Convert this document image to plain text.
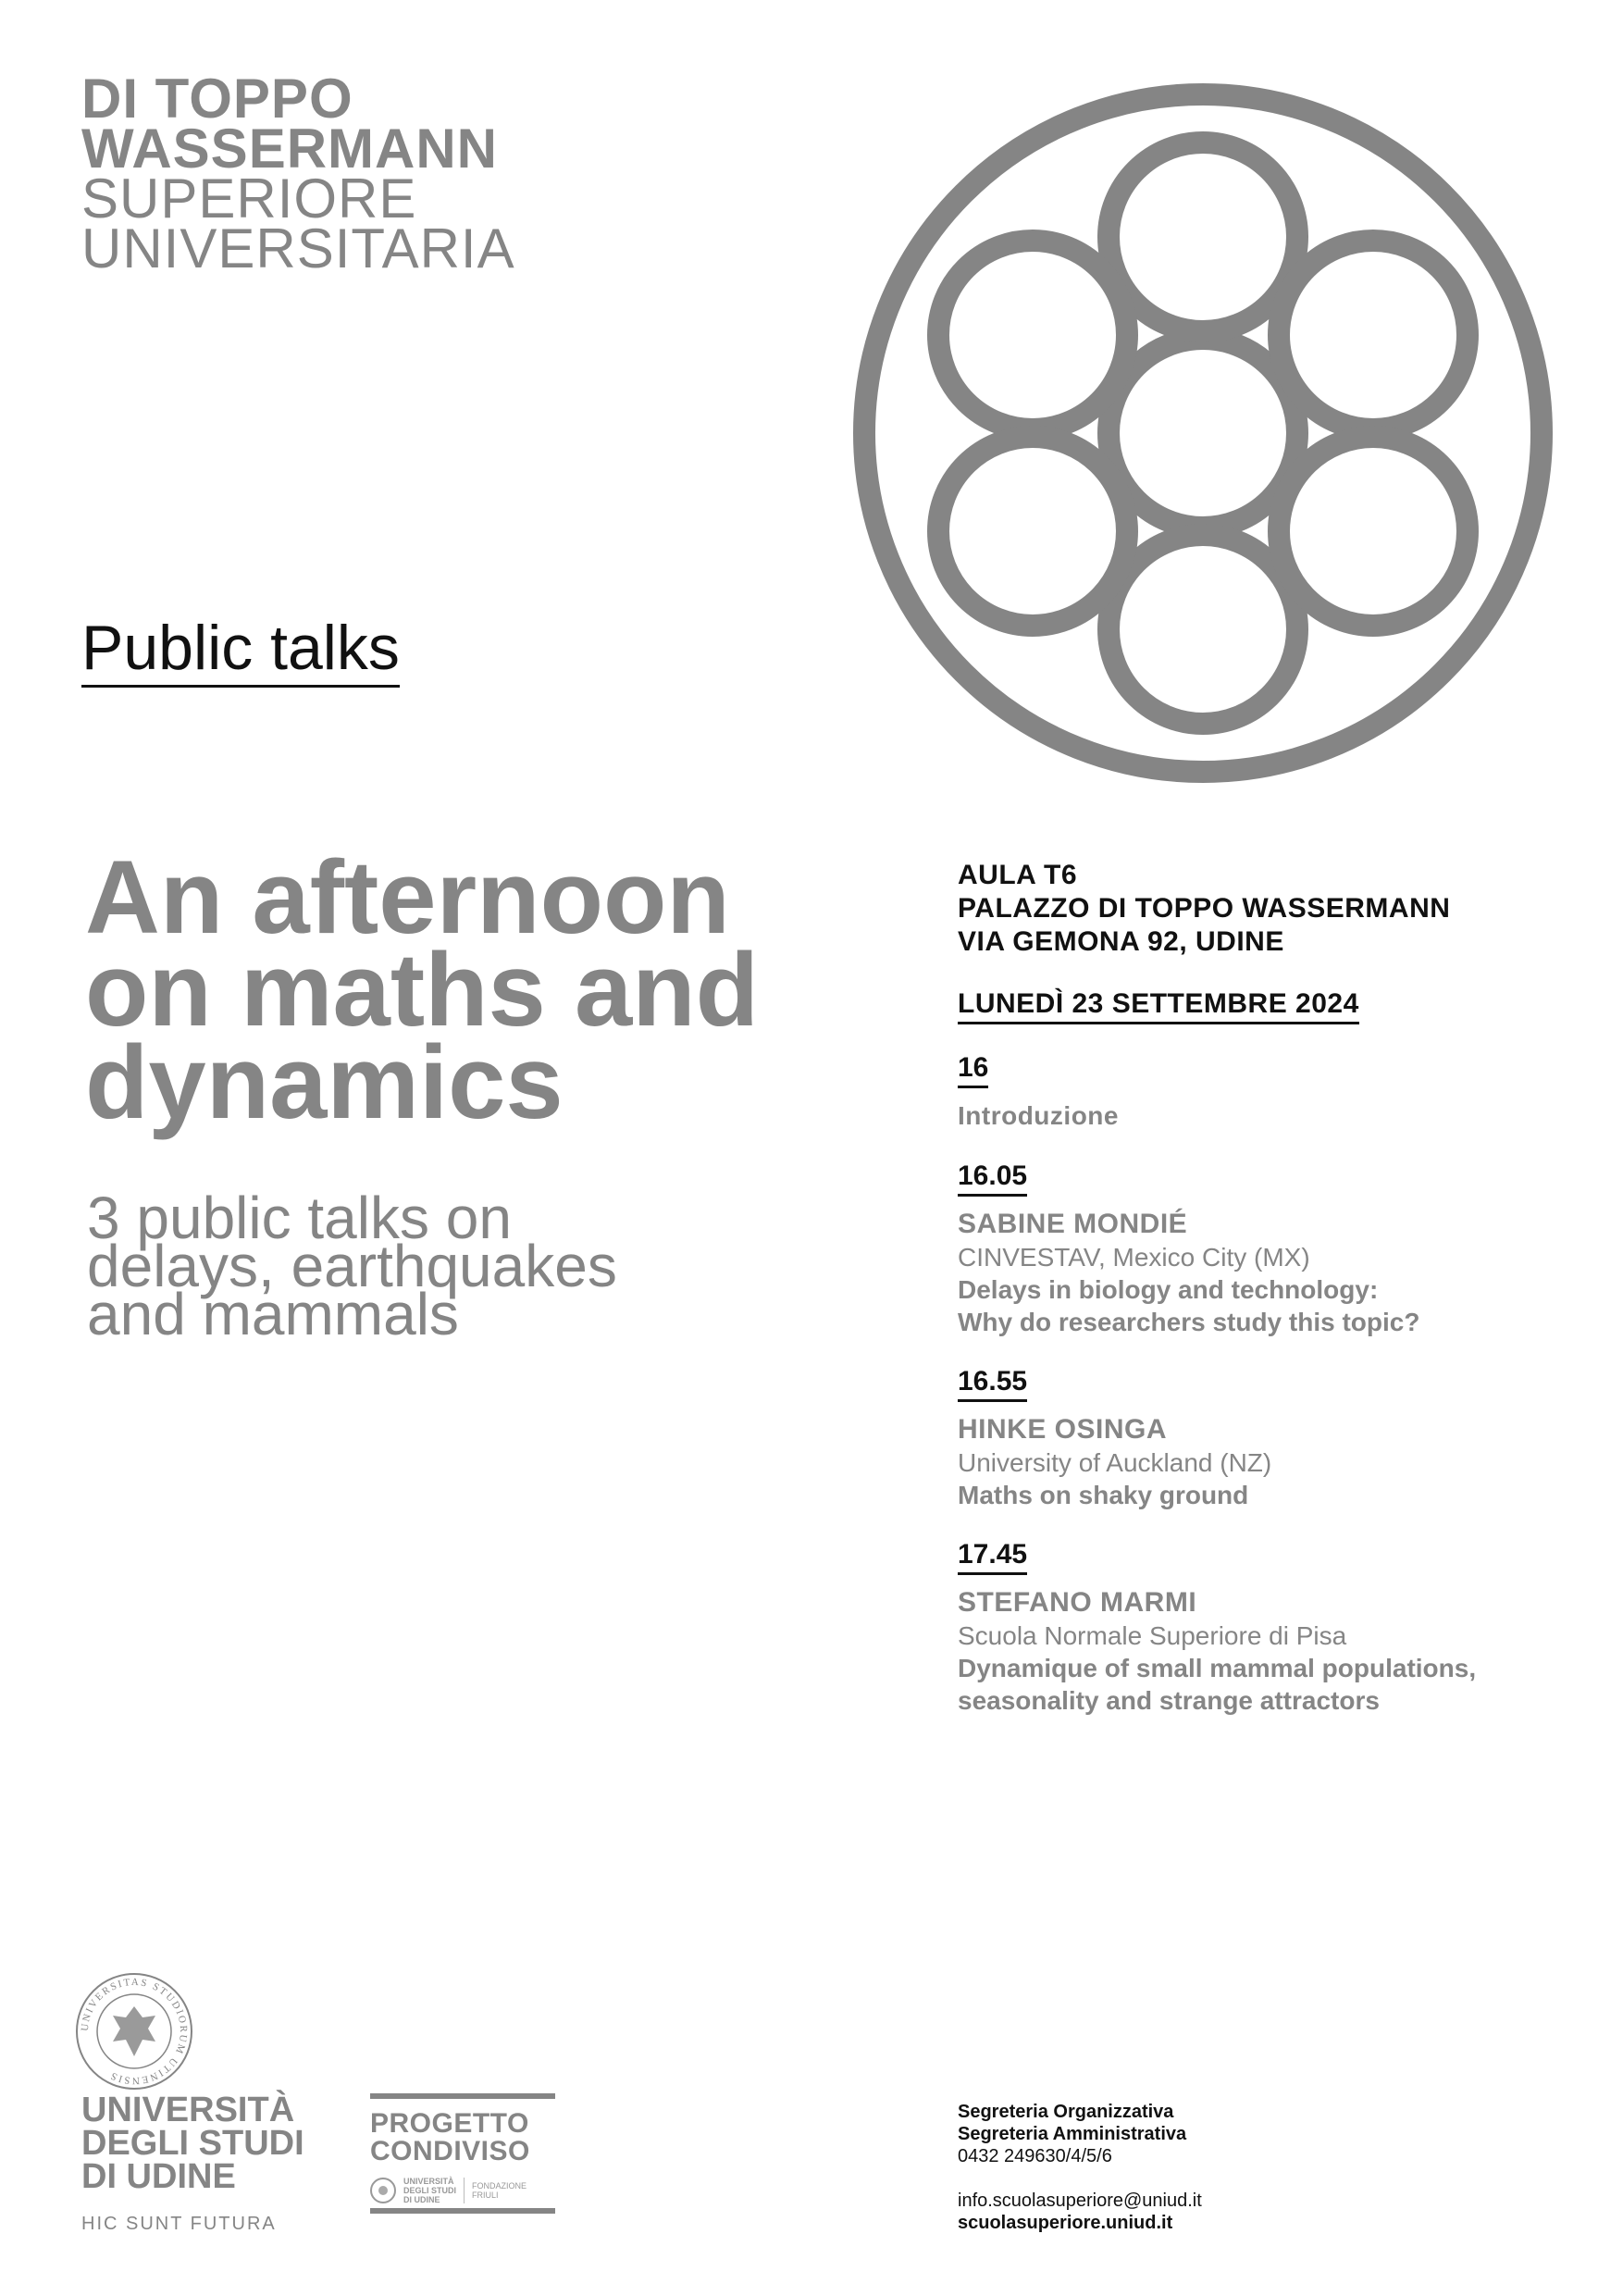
DI TOPPO
WASSERMANN
SUPERIORE
UNIVERSITARIA
Public talks
An afternoon
on maths and
dynamics
3 public talks on
delays, earthquakes
and mammals
AULA T6
PALAZZO DI TOPPO WASSERMANN
VIA GEMONA 92, UDINE
LUNEDÌ 23 SETTEMBRE 2024
16
Introduzione
16.05
SABINE MONDIÉ
CINVESTAV, Mexico City (MX)
Delays in biology and technology:
Why do researchers study this topic?
16.55
HINKE OSINGA
University of Auckland (NZ)
Maths on shaky ground
17.45
STEFANO MARMI
Scuola Normale Superiore di Pisa
Dynamique of small mammal populations,
seasonality and strange attractors
UNIVERSITAS STUDIORUM UTINENSIS
UNIVERSITÀ
DEGLI STUDI
DI UDINE
HIC SUNT FUTURA
PROGETTO
CONDIVISO
UNIVERSITÀ
DEGLI STUDI
DI UDINE
FONDAZIONE
FRIULI
Segreteria Organizzativa
Segreteria Amministrativa
0432 249630/4/5/6
info.scuolasuperiore@uniud.it
scuolasuperiore.uniud.it
